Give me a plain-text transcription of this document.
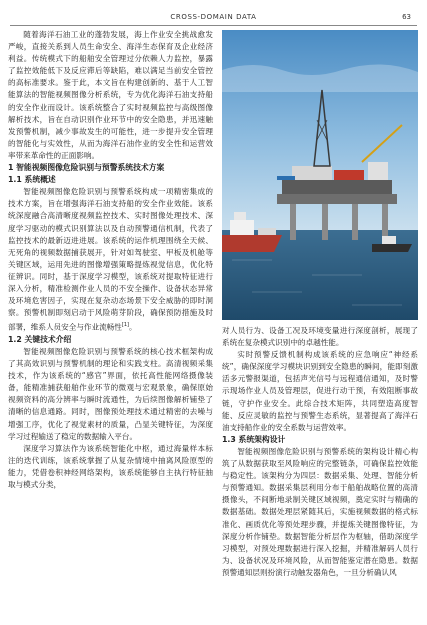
CROSS-DOMAIN DATA	63

随着海洋石油工业的蓬勃发展，海上作业安全挑战愈发严峻，直接关系到人员生命安全、海洋生态保育及企业经济利益。传统模式下的船舶安全管理过分依赖人力监控，暴露了监控效能低下及反应滞后等缺陷，难以满足当前安全管控的高标准要求。鉴于此，本文旨在构建创新的、基于人工智能算法的智能视频图像分析系统，专为优化海洋石油支持船的安全作业而设计。该系统整合了实时视频监控与高级图像解析技术，旨在自动识别作业环节中的安全隐患，并迅速触发预警机制，减少事故发生的可能性，进一步提升安全管理的智能化与实效性，从而为海洋石油作业的安全性和运营效率带来革命性的正面影响。

1 智能视频图像危险识别与预警系统技术方案
1.1 系统概述

智能视频图像危险识别与预警系统构成一项精密集成的技术方案，旨在增强海洋石油支持船的安全作业效能。该系统深度融合高清晰度视频监控技术、实时图像处理技术、深度学习驱动的模式识别算法以及自动预警通信机制，代表了监控技术的最新迈进进展。该系统的运作机理围绕全天候、无死角的视频数据捕获展开，针对如驾驶室、甲板及机舱等关键区域，运用先进的图像增强策略提炼视觉信息，优化特征辨识。同时，基于深度学习模型，该系统对提取特征进行深入分析，精准检测作业人员的不安全操作、设备状态异常及环境危害因子，实现在复杂动态场景下安全威胁的即时洞察。预警机制即刻启动于风险萌芽阶段，确保预防措施及时部署，维系人员安全与作业流畅性[1]。

1.2 关键技术介绍

智能视频图像危险识别与预警系统的核心技术框架构成了其高效识别与预警机制的理论和实践支柱。高清视频采集技术，作为该系统的“感官”界面，依托高性能网络摄像装备，能精准捕获船舶作业环节的微观与宏观景象，确保原始视频资料的高分辨率与瞬时流通性，为后续图像解析铺垫了清晰的信息通路。同时，图像预处理技术通过精密的去噪与增强工序，优化了视觉素材的质量，凸显关键特征，为深度学习过程输送了稳定的数据输入平台。

深度学习算法作为该系统智能化中枢，通过海量样本标注的迭代训练，该系统掌握了从复杂情境中抽离风险原型的能力，凭借卷积神经网络架构，该系统能够自主执行特征抽取与模式分类，

对人员行为、设备工况及环境变量进行深度剖析，展现了系统在复杂模式识别中的卓越性能。

实时预警反馈机制构成该系统的应急响应“神经系统”，确保深度学习模块识别到安全隐患的瞬间，能即刻激活多元警报渠道，包括声光信号与远程通信通知，及时警示现场作业人员及管理层，促进行动干预，有效阻断事故链，守护作业安全。此综合技术矩阵，共同塑造高度智能、反应灵敏的监控与预警生态系统，显著提高了海洋石油支持船作业的安全系数与运营效率。

1.3 系统架构设计

智能视频图像危险识别与预警系统的架构设计精心构筑了从数据获取至风险响应的完整链条，可确保监控效能与稳定性。该架构分为四层：数据采集、处理、智能分析与预警通知。数据采集层利用分布于船舶战略位置的高清摄像头，不间断地录制关键区域视频，奠定实时与精确的数据基础。数据处理层紧随其后，实施视频数据的格式标准化、画质优化等预处理步骤，并提炼关键图像特征，为深度分析作铺垫。数据智能分析层作为枢轴，借助深度学习模型，对预处理数据进行深入挖掘，并精准解码人员行为、设备状况及环境风险，从而智能鉴定潜在隐患。数据预警通知层则扮演行动触发器角色，一旦分析确认风
